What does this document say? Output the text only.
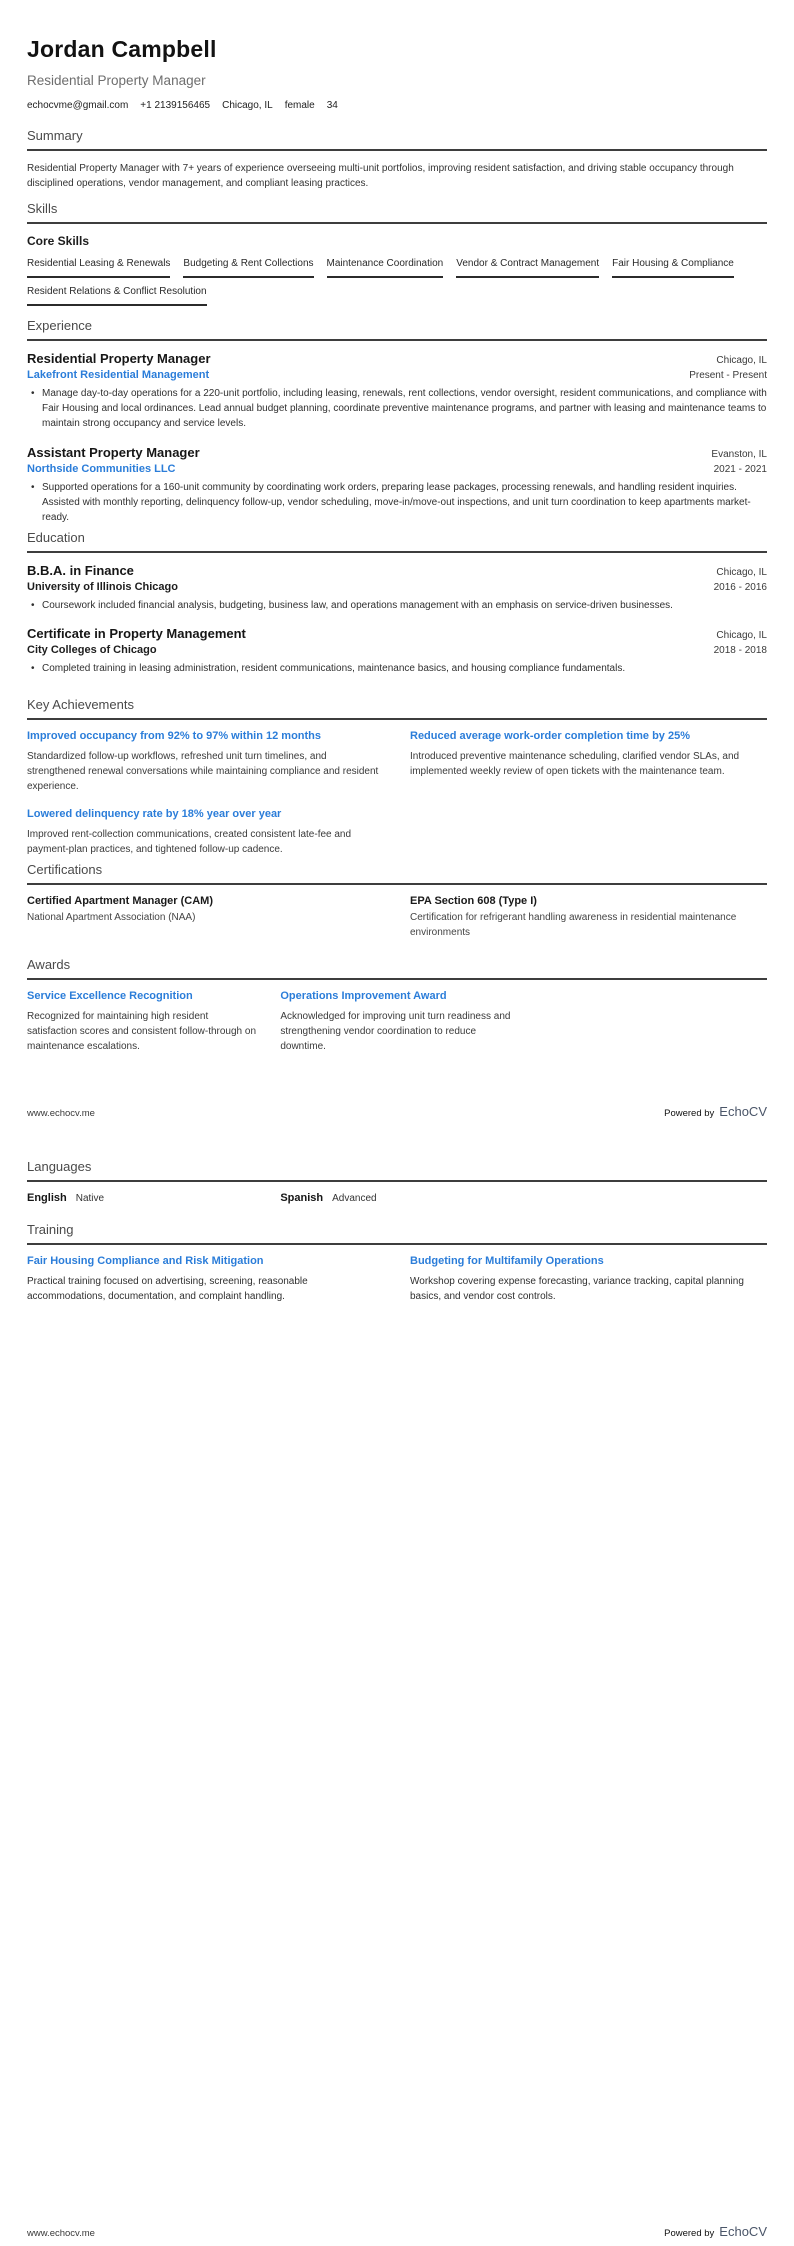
Jordan Campbell
Residential Property Manager
echocvme@gmail.com +1 2139156465 Chicago, IL female 34
Summary
Residential Property Manager with 7+ years of experience overseeing multi-unit portfolios, improving resident satisfaction, and driving stable occupancy through disciplined operations, vendor management, and compliant leasing practices.
Skills
Core Skills
Residential Leasing & Renewals Budgeting & Rent Collections Maintenance Coordination Vendor & Contract Management Fair Housing & Compliance
Resident Relations & Conflict Resolution
Experience
Residential Property Manager	Chicago, IL
Lakefront Residential Management	Present - Present
• Manage day-to-day operations for a 220-unit portfolio, including leasing, renewals, rent collections, vendor oversight, resident communications, and compliance with Fair Housing and local ordinances. Lead annual budget planning, coordinate preventive maintenance programs, and partner with leasing and maintenance teams to maintain strong occupancy and service levels.
Assistant Property Manager	Evanston, IL
Northside Communities LLC	2021 - 2021
• Supported operations for a 160-unit community by coordinating work orders, preparing lease packages, processing renewals, and handling resident inquiries. Assisted with monthly reporting, delinquency follow-up, vendor scheduling, move-in/move-out inspections, and unit turn coordination to keep apartments market-ready.
Education
B.B.A. in Finance	Chicago, IL
University of Illinois Chicago	2016 - 2016
• Coursework included financial analysis, budgeting, business law, and operations management with an emphasis on service-driven businesses.
Certificate in Property Management	Chicago, IL
City Colleges of Chicago	2018 - 2018
• Completed training in leasing administration, resident communications, maintenance basics, and housing compliance fundamentals.
Key Achievements
Improved occupancy from 92% to 97% within 12 months
Standardized follow-up workflows, refreshed unit turn timelines, and strengthened renewal conversations while maintaining compliance and resident experience.
Reduced average work-order completion time by 25%
Introduced preventive maintenance scheduling, clarified vendor SLAs, and implemented weekly review of open tickets with the maintenance team.
Lowered delinquency rate by 18% year over year
Improved rent-collection communications, created consistent late-fee and payment-plan practices, and tightened follow-up cadence.
Certifications
Certified Apartment Manager (CAM)
National Apartment Association (NAA)
EPA Section 608 (Type I)
Certification for refrigerant handling awareness in residential maintenance environments
Awards
Service Excellence Recognition
Recognized for maintaining high resident satisfaction scores and consistent follow-through on maintenance escalations.
Operations Improvement Award
Acknowledged for improving unit turn readiness and strengthening vendor coordination to reduce downtime.
www.echocv.me	Powered by EchoCV
Languages
English Native	Spanish Advanced
Training
Fair Housing Compliance and Risk Mitigation
Practical training focused on advertising, screening, reasonable accommodations, documentation, and complaint handling.
Budgeting for Multifamily Operations
Workshop covering expense forecasting, variance tracking, capital planning basics, and vendor cost controls.
www.echocv.me	Powered by EchoCV
